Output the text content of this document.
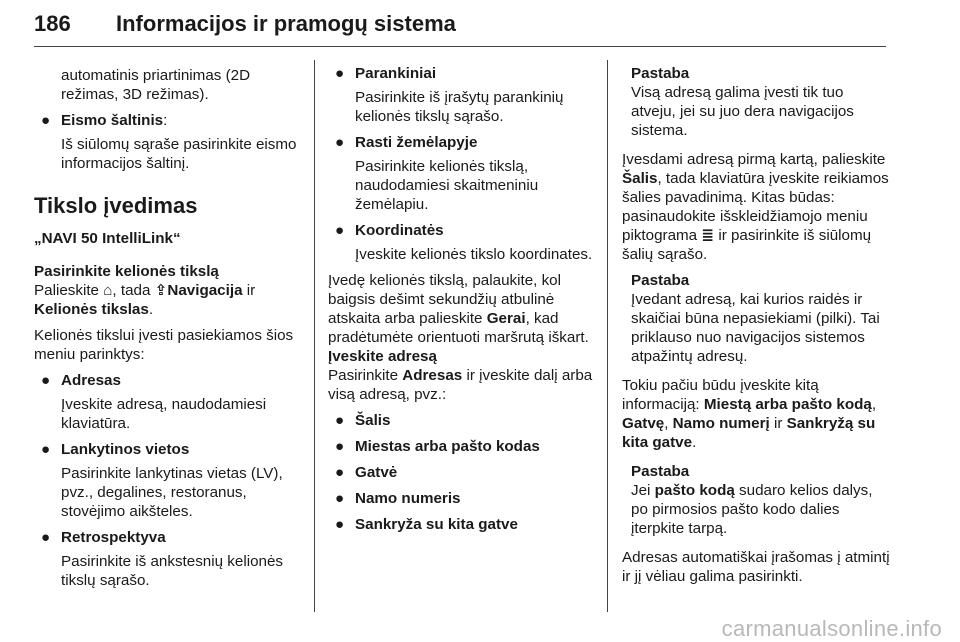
186 Informacijos ir pramogų sistema

automatinis priartinimas (2D režimas, 3D režimas).

● Eismo šaltinis:

Iš siūlomų sąraše pasirinkite eismo informacijos šaltinį.

Tikslo įvedimas

„NAVI 50 IntelliLink“

Pasirinkite kelionės tikslą

Palieskite ⌂, tada ⇪Navigacija ir Kelionės tikslas.

Kelionės tikslui įvesti pasiekiamos šios meniu parinktys:

● Adresas

Įveskite adresą, naudodamiesi klaviatūra.

● Lankytinos vietos

Pasirinkite lankytinas vietas (LV), pvz., degalines, restoranus, stovėjimo aikšteles.

● Retrospektyva

Pasirinkite iš ankstesnių kelionės tikslų sąrašo.

● Parankiniai

Pasirinkite iš įrašytų parankinių kelionės tikslų sąrašo.

● Rasti žemėlapyje

Pasirinkite kelionės tikslą, naudodamiesi skaitmeniniu žemėlapiu.

● Koordinatės

Įveskite kelionės tikslo koordinates.

Įvedę kelionės tikslą, palaukite, kol baigsis dešimt sekundžių atbulinė atskaita arba palieskite Gerai, kad pradėtumėte orientuoti maršrutą iškart.

Įveskite adresą

Pasirinkite Adresas ir įveskite dalį arba visą adresą, pvz.:

● Šalis
● Miestas arba pašto kodas
● Gatvė
● Namo numeris
● Sankryža su kita gatve

Pastaba

Visą adresą galima įvesti tik tuo atveju, jei su juo dera navigacijos sistema.

Įvesdami adresą pirmą kartą, palieskite Šalis, tada klaviatūra įveskite reikiamos šalies pavadinimą. Kitas būdas: pasinaudokite išskleidžiamojo meniu piktograma ≣ ir pasirinkite iš siūlomų šalių sąrašo.

Pastaba

Įvedant adresą, kai kurios raidės ir skaičiai būna nepasiekiami (pilki). Tai priklauso nuo navigacijos sistemos atpažintų adresų.

Tokiu pačiu būdu įveskite kitą informaciją: Miestą arba pašto kodą, Gatvę, Namo numerį ir Sankryžą su kita gatve.

Pastaba

Jei pašto kodą sudaro kelios dalys, po pirmosios pašto kodo dalies įterpkite tarpą.

Adresas automatiškai įrašomas į atmintį ir jį vėliau galima pasirinkti.

carmanualsonline.info
